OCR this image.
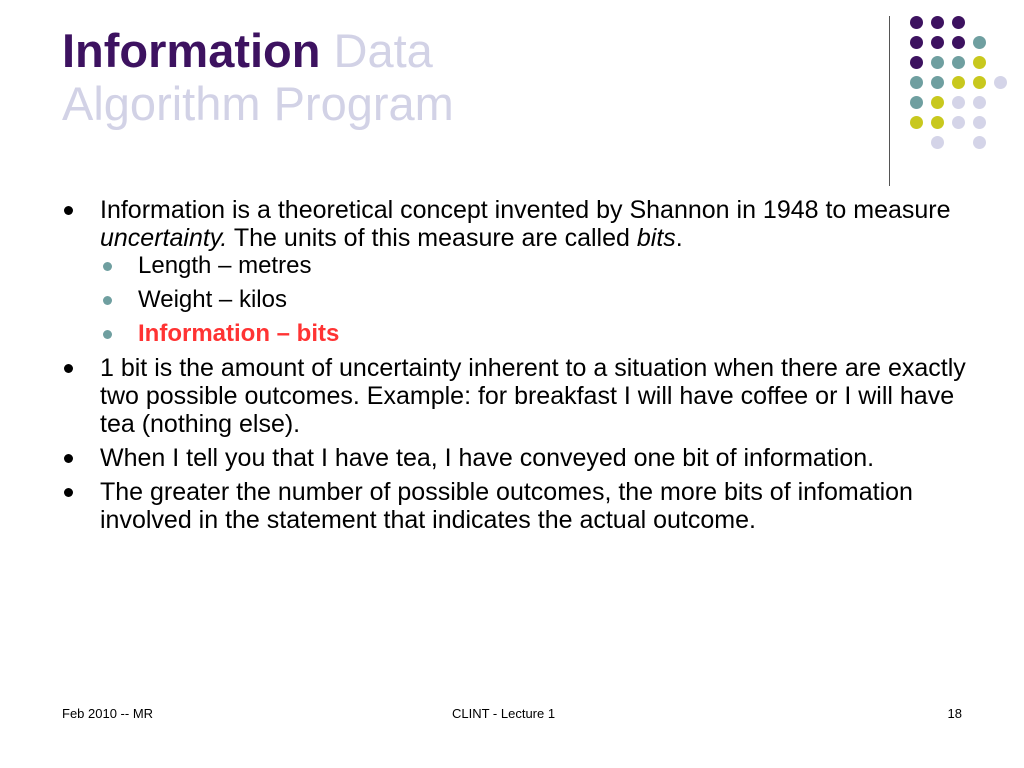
Information Data
Algorithm Program
Information is a theoretical concept invented by Shannon in 1948 to measure uncertainty. The units of this measure are called bits.
Length – metres
Weight – kilos
Information – bits
1 bit is the amount of uncertainty inherent to a situation when there are exactly two possible outcomes. Example: for breakfast I will have coffee or I will have tea (nothing else).
When I tell you that I have tea, I have conveyed one bit of information.
The greater the number of possible outcomes, the more bits of infomation involved in the statement that indicates the actual outcome.
Feb 2010 -- MR	CLINT - Lecture 1	18
